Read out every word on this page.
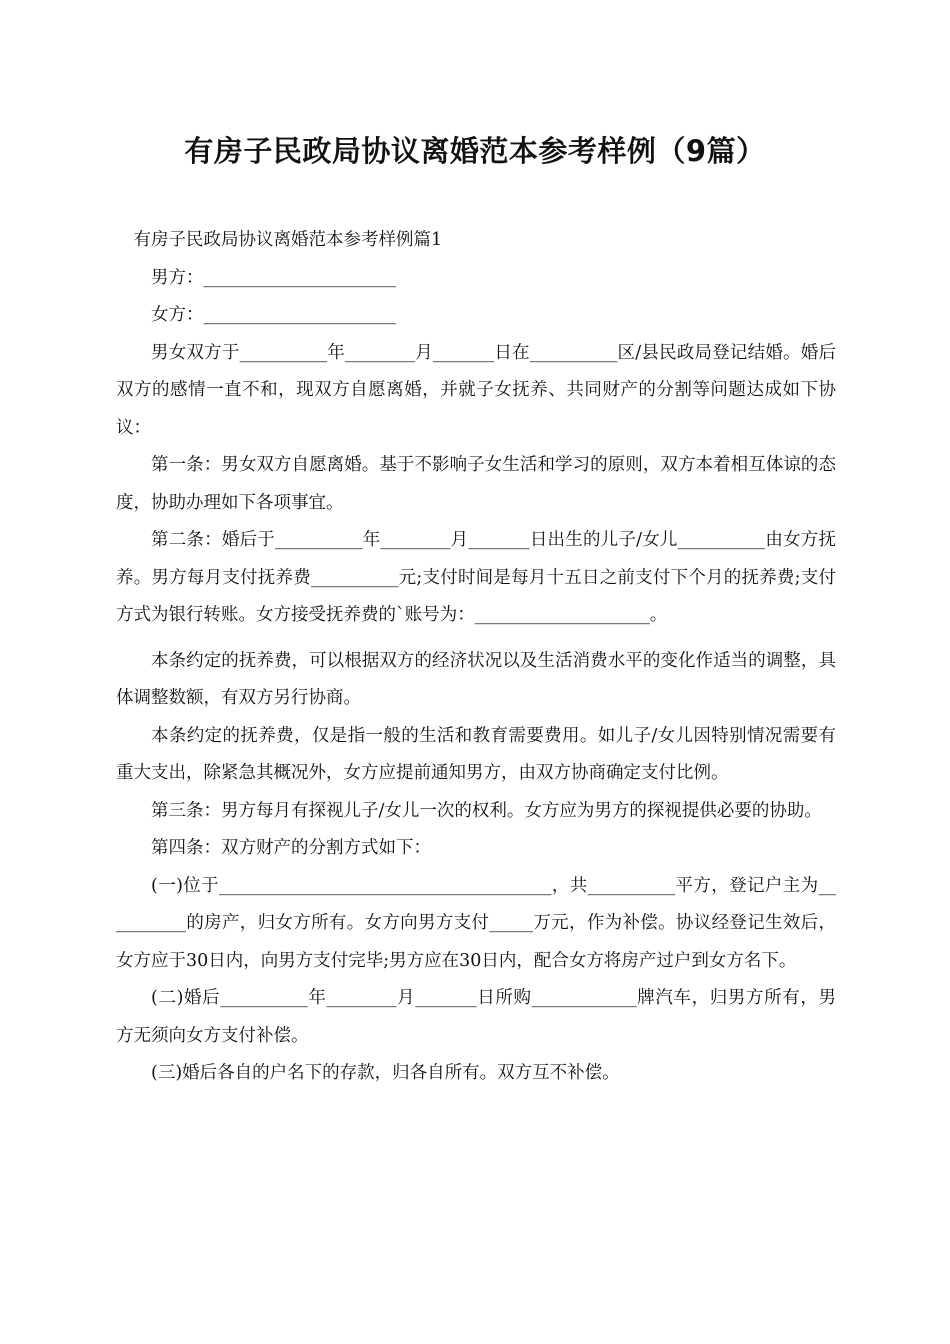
有房子民政局协议离婚范本参考样例（9篇）

有房子民政局协议离婚范本参考样例篇1

男方：______________________

女方：______________________

男女双方于__________年________月_______日在__________区/县民政局登记结婚。婚后双方的感情一直不和，现双方自愿离婚，并就子女抚养、共同财产的分割等问题达成如下协议：

第一条：男女双方自愿离婚。基于不影响子女生活和学习的原则，双方本着相互体谅的态度，协助办理如下各项事宜。

第二条：婚后于__________年________月_______日出生的儿子/女儿__________由女方抚养。男方每月支付抚养费__________元;支付时间是每月十五日之前支付下个月的抚养费;支付方式为银行转账。女方接受抚养费的`账号为：____________________。

本条约定的抚养费，可以根据双方的经济状况以及生活消费水平的变化作适当的调整，具体调整数额，有双方另行协商。

本条约定的抚养费，仅是指一般的生活和教育需要费用。如儿子/女儿因特别情况需要有重大支出，除紧急其概况外，女方应提前通知男方，由双方协商确定支付比例。

第三条：男方每月有探视儿子/女儿一次的权利。女方应为男方的探视提供必要的协助。

第四条：双方财产的分割方式如下：

(一)位于______________________________________，共__________平方，登记户主为__________的房产，归女方所有。女方向男方支付_____万元，作为补偿。协议经登记生效后，女方应于30日内，向男方支付完毕;男方应在30日内，配合女方将房产过户到女方名下。

(二)婚后__________年________月_______日所购____________牌汽车，归男方所有，男方无须向女方支付补偿。

(三)婚后各自的户名下的存款，归各自所有。双方互不补偿。
